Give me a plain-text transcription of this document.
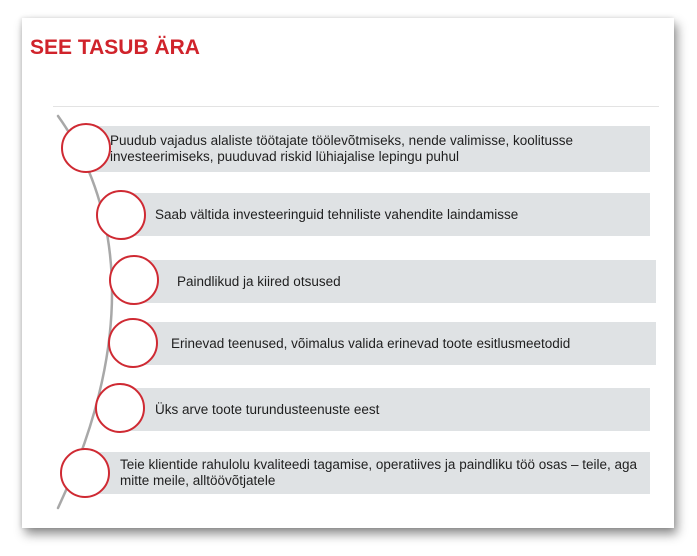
SEE TASUB ÄRA
Puudub vajadus alaliste töötajate töölevõtmiseks, nende valimisse, koolitusse investeerimiseks, puuduvad riskid lühiajalise lepingu puhul
Saab vältida investeeringuid tehniliste vahendite laindamisse
Paindlikud ja kiired otsused
Erinevad teenused, võimalus valida erinevad toote esitlusmeetodid
Üks arve toote turundusteenuste eest
Teie klientide rahulolu kvaliteedi tagamise, operatiives ja paindliku töö osas – teile, aga mitte meile, alltöövõtjatele
